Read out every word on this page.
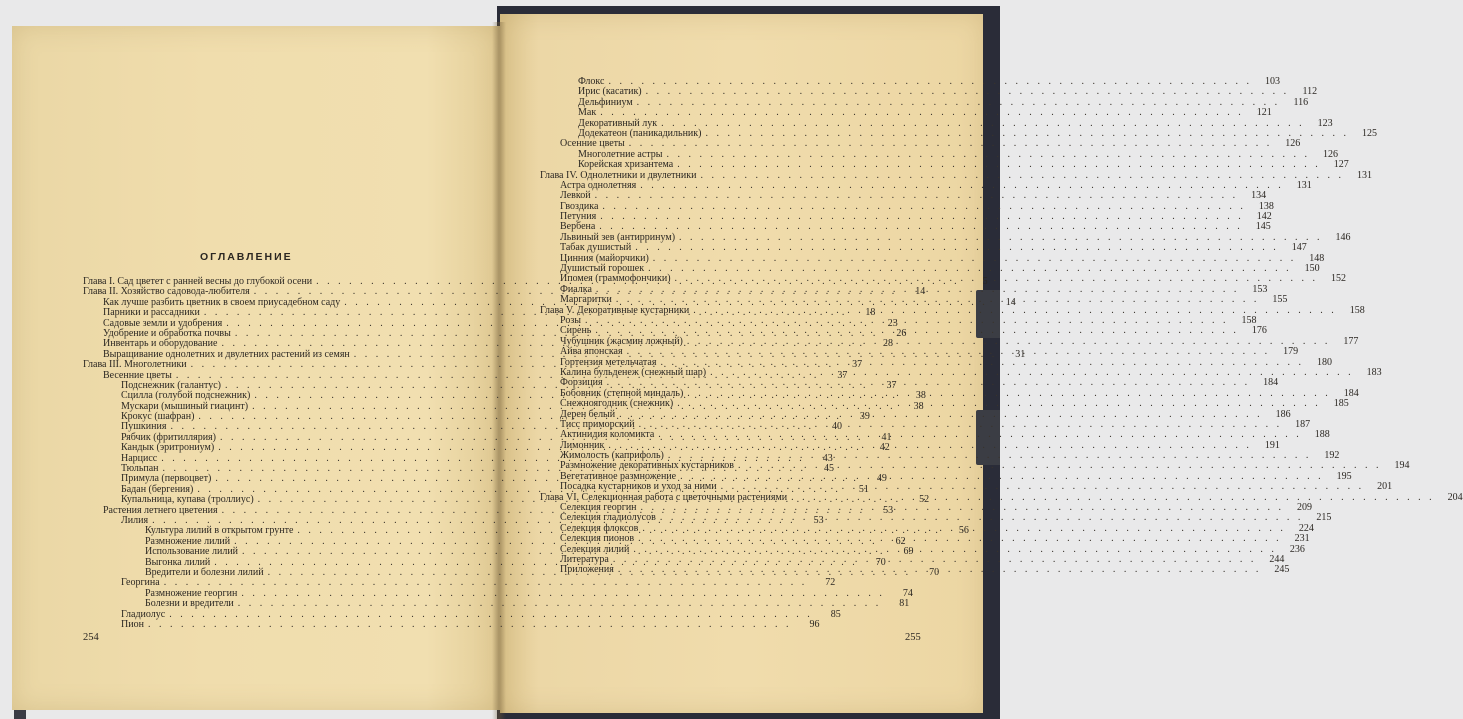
ОГЛАВЛЕНИЕ
Глава I. Сад цветет с ранней весны до глубокой осени . . .	5
Глава II. Хозяйство садовода-любителя . . .	14
Как лучше разбить цветник в своем приусадебном саду . . .	14
Парники и рассадники . . .	18
Садовые земли и удобрения . . .	23
Удобрение и обработка почвы . . .	26
Инвентарь и оборудование . . .	28
Выращивание однолетних и двулетних растений из семян . . .	31
Глава III. Многолетники . . .	37
Весенние цветы . . .	37
Подснежник (галантус) . . .	37
Сцилла (голубой подснежник) . . .	38
Мускари (мышиный гиацинт) . . .	38
Крокус (шафран) . . .	39
Пушкиния . . .	40
Рябчик (фритиллярия) . . .	41
Кандык (эритрониум) . . .	42
Нарцисс . . .	43
Тюльпан . . .	45
Примула (первоцвет) . . .	49
Бадан (бергения) . . .	51
Купальница, купава (троллиус) . . .	52
Растения летнего цветения . . .	53
Лилия . . .	53
Культура лилий в открытом грунте . . .	56
Размножение лилий . . .	62
Использование лилий . . .	69
Выгонка лилий . . .	70
Вредители и болезни лилий . . .	70
Георгина . . .	72
Размножение георгин . . .	74
Болезни и вредители . . .	81
Гладиолус . . .	85
Пион . . .	96
Флокс . . .	103
Ирис (касатик) . . .	112
Дельфиниум . . .	116
Мак . . .	121
Декоративный лук . . .	123
Додекатеон (паникадильник) . . .	125
Осенние цветы . . .	126
Многолетние астры . . .	126
Корейская хризантема . . .	127
Глава IV. Однолетники и двулетники . . .	131
Астра однолетняя . . .	131
Левкой . . .	134
Гвоздика . . .	138
Петуния . . .	142
Вербена . . .	145
Львиный зев (антирринум) . . .	146
Табак душистый . . .	147
Цинния (майорчики) . . .	148
Душистый горошек . . .	150
Ипомея (граммофончики) . . .	152
Фиалка . . .	153
Маргаритки . . .	155
Глава V. Декоративные кустарники . . .	158
Розы . . .	158
Сирень . . .	176
Чубушник (жасмин ложный) . . .	177
Айва японская . . .	179
Гортензия метельчатая . . .	180
Калина бульденеж (снежный шар) . . .	183
Форзиция . . .	184
Бобовник (степной миндаль) . . .	184
Снежноягодник (снежник) . . .	185
Дерен белый . . .	186
Тисс приморский . . .	187
Актинидия коломикта . . .	188
Лимонник . . .	191
Жимолость (каприфоль) . . .	192
Размножение декоративных кустарников . . .	194
Вегетативное размножение . . .	195
Посадка кустарников и уход за ними . . .	201
Глава VI. Селекционная работа с цветочными растениями . . .	204
Селекция георгин . . .	209
Селекция гладиолусов . . .	215
Селекция флоксов . . .	224
Селекция пионов . . .	231
Селекция лилий . . .	236
Литература . . .	244
Приложения . . .	245
254	255
